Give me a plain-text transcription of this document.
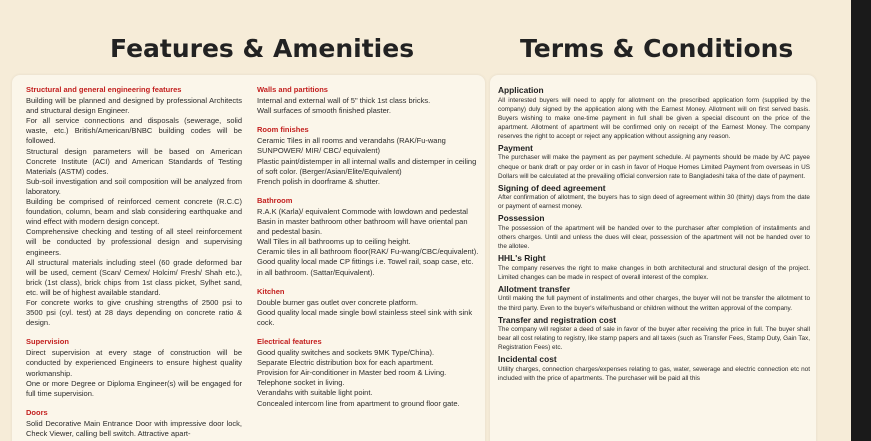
Features & Amenities	Terms & Conditions
Structural and general engineering features

Building will be planned and designed by professional Architects and structural design Engineer.

For all service connections and disposals (sewerage, solid waste, etc.) British/American/BNBC building codes will be followed.

Structural design parameters will be based on American Concrete Institute (ACI) and American Standards of Testing Materials (ASTM) codes.

Sub-soil investigation and soil composition will be analyzed from laboratory.

Building be comprised of reinforced cement concrete (R.C.C) foundation, column, beam and slab considering earthquake and wind effect with modern design concept.

Comprehensive checking and testing of all steel reinforcement will be conducted by professional design and supervising engineers.

All structural materials including steel (60 grade deformed bar will be used, cement (Scan/ Cemex/ Holcim/ Fresh/ Shah etc.), brick (1st class), brick chips from 1st class picket, Sylhet sand, etc. will be of highest available standard.

For concrete works to give crushing strengths of 2500 psi to 3500 psi (cyl. test) at 28 days depending on concrete ratio & design.

Supervision

Direct supervision at every stage of construction will be conducted by experienced Engineers to ensure highest quality workmanship.

One or more Degree or Diploma Engineer(s) will be engaged for full time supervision.

Doors

Solid Decorative Main Entrance Door with impressive door lock, Check Viewer, calling bell switch. Attractive apart-

Walls and partitions

Internal and external wall of 5" thick 1st class bricks.

Wall surfaces of smooth finished plaster.

Room finishes

Ceramic Tiles in all rooms and verandahs (RAK/Fu-wang SUNPOWER/ MIR/ CBC/ equivalent)

Plastic paint/distemper in all internal walls and distemper in ceiling of soft color. (Berger/Asian/Elite/Equivalent)

French polish in doorframe & shutter.

Bathroom

R.A.K (Karla)/ equivalent Commode with lowdown and pedestal Basin in master bathroom other bathroom will have oriental pan and pedestal basin.

Wall Tiles in all bathrooms up to ceiling height.

Ceramic tiles in all bathroom floor(RAK/ Fu-wang/CBC/equivalent).

Good quality local made CP fittings i.e. Towel rail, soap case, etc. in all bathroom. (Sattar/Equivalent).

Kitchen

Double burner gas outlet over concrete platform.

Good quality local made single bowl stainless steel sink with sink cock.

Electrical features

Good quality switches and sockets 9MK Type/China).

Separate Electric distribution box for each apartment.

Provision for Air-conditioner in Master bed room & Living.

Telephone socket in living.

Verandahs with suitable light point.

Concealed intercom line from apartment to ground floor gate.

Application

All interested buyers will need to apply for allotment on the prescribed application form (supplied by the company) duly signed by the application along with the Earnest Money. Allotment will on first served basis. Buyers wishing to make one-time payment in full shall be given a special discount on the price of the apartment. Allotment of apartment will be confirmed only on receipt of the Earnest Money. The company reserves the right to accept or reject any application without assigning any reason.

Payment

The purchaser will make the payment as per payment schedule. Al payments should be made by A/C payee cheque or bank draft or pay order or in cash in favor of Hoque Homes Limited Payment from overseas in US Dollars will be calculated at the prevailing official conversion rate to Bangladeshi taka of the date of payment.

Signing of deed agreement

After confirmation of allotment, the buyers has to sign deed of agreement within 30 (thirty) days from the date or payment of earnest money.

Possession

The possession of the apartment will be handed over to the purchaser after completion of installments and others charges. Until and unless the dues will clear, possession of the apartment will not be handed over to the allotee.

HHL's Right

The company reserves the right to make changes in both architectural and structural design of the project. Limited changes can be made in respect of overall interest of the complex.

Allotment transfer

Until making the full payment of installments and other charges, the buyer will not be transfer the allotment to the third party. Even to the buyer's wife/husband or children without the written approval of the company.

Transfer and registration cost

The company will register a deed of sale in favor of the buyer after receiving the price in full. The buyer shall bear all cost relating to registry, like stamp papers and all taxes (such as Transfer Fees, Stamp Duty, Gain Tax, Registration Fees) etc.

Incidental cost

Utility charges, connection charges/expenses relating to gas, water, sewerage and electric connection etc not included with the price of apartments. The purchaser will be paid all this
